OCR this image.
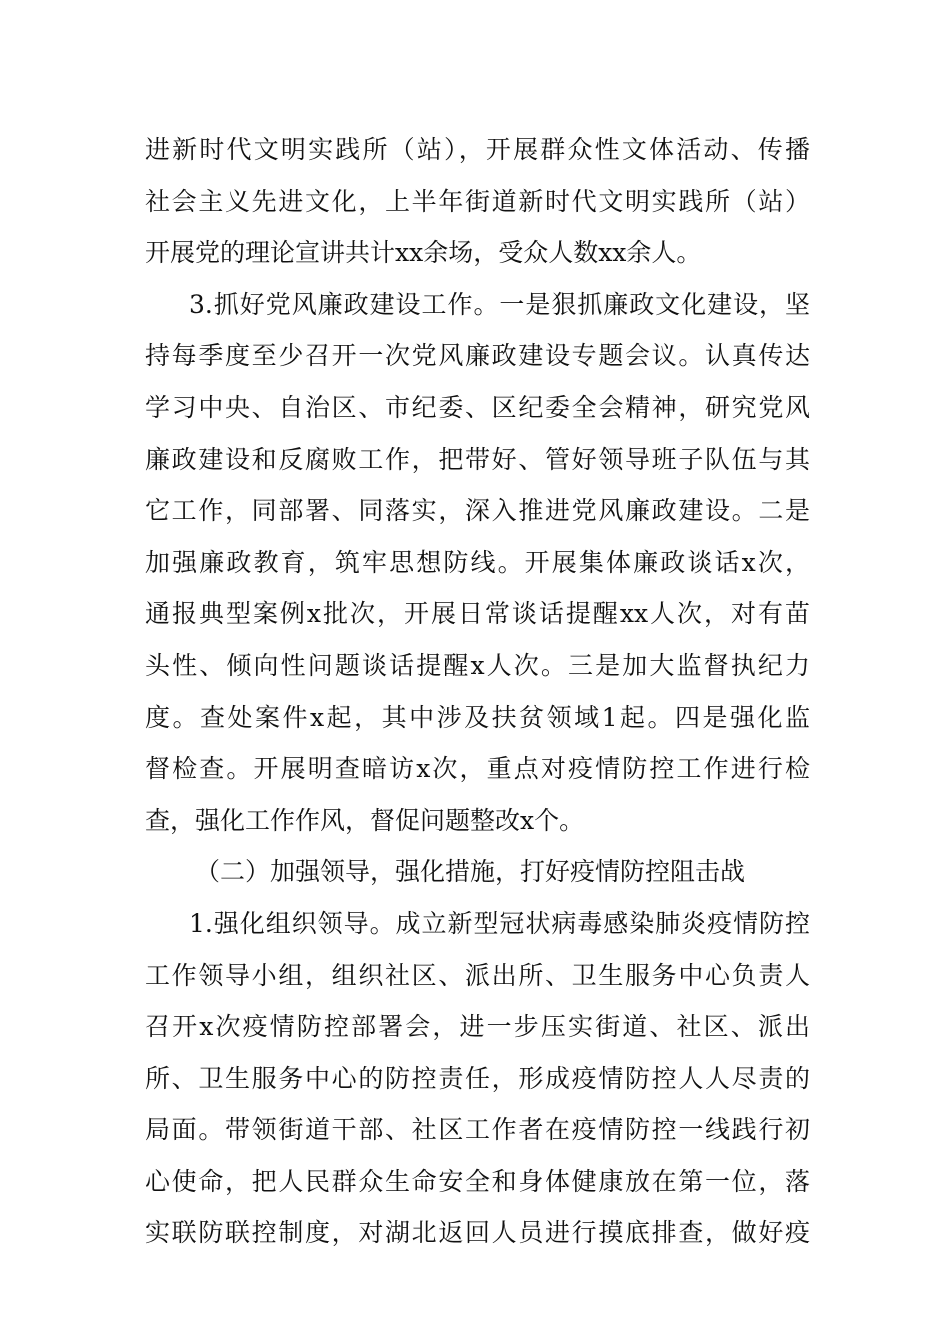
进新时代文明实践所（站），开展群众性文体活动、传播
社会主义先进文化，上半年街道新时代文明实践所（站）
开展党的理论宣讲共计xx余场，受众人数xx余人。
3.抓好党风廉政建设工作。一是狠抓廉政文化建设，坚
持每季度至少召开一次党风廉政建设专题会议。认真传达
学习中央、自治区、市纪委、区纪委全会精神，研究党风
廉政建设和反腐败工作，把带好、管好领导班子队伍与其
它工作，同部署、同落实，深入推进党风廉政建设。二是
加强廉政教育，筑牢思想防线。开展集体廉政谈话x次，
通报典型案例x批次，开展日常谈话提醒xx人次，对有苗
头性、倾向性问题谈话提醒x人次。三是加大监督执纪力
度。查处案件x起，其中涉及扶贫领域1起。四是强化监
督检查。开展明查暗访x次，重点对疫情防控工作进行检
查，强化工作作风，督促问题整改x个。
（二）加强领导，强化措施，打好疫情防控阻击战
1.强化组织领导。成立新型冠状病毒感染肺炎疫情防控
工作领导小组，组织社区、派出所、卫生服务中心负责人
召开x次疫情防控部署会，进一步压实街道、社区、派出
所、卫生服务中心的防控责任，形成疫情防控人人尽责的
局面。带领街道干部、社区工作者在疫情防控一线践行初
心使命，把人民群众生命安全和身体健康放在第一位，落
实联防联控制度，对湖北返回人员进行摸底排查，做好疫
